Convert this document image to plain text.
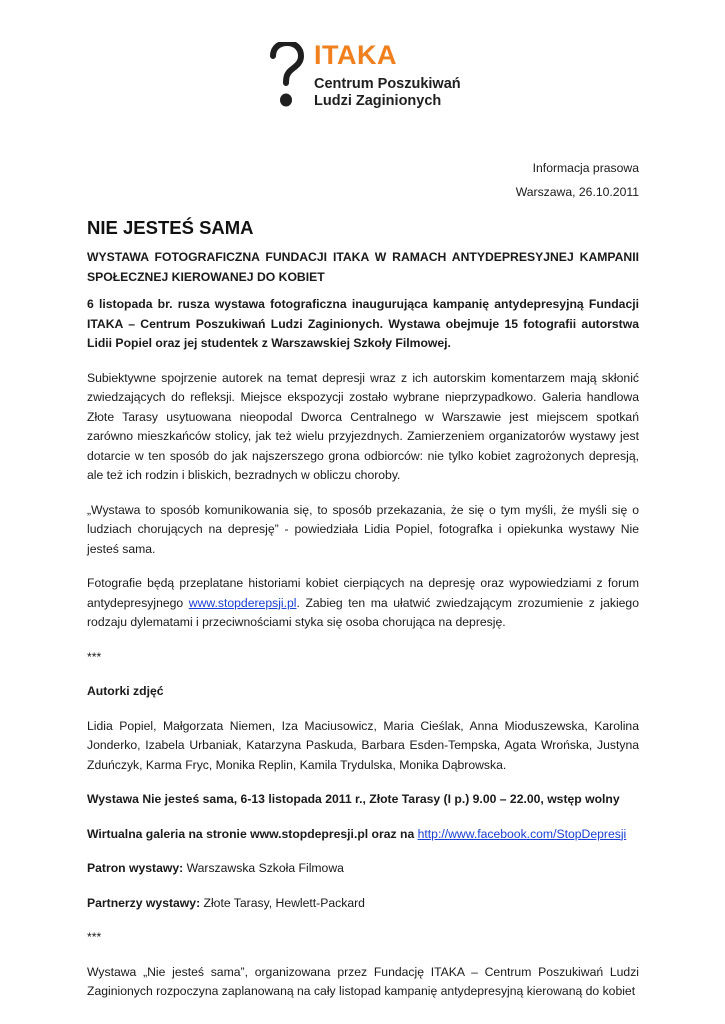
ITAKA
Centrum Poszukiwań
Ludzi Zaginionych

Informacja prasowa

Warszawa, 26.10.2011

NIE JESTEŚ SAMA

WYSTAWA FOTOGRAFICZNA FUNDACJI ITAKA W RAMACH ANTYDEPRESYJNEJ KAMPANII SPOŁECZNEJ KIEROWANEJ DO KOBIET

6 listopada br. rusza wystawa fotograficzna inaugurująca kampanię antydepresyjną Fundacji ITAKA – Centrum Poszukiwań Ludzi Zaginionych. Wystawa obejmuje 15 fotografii autorstwa Lidii Popiel oraz jej studentek z Warszawskiej Szkoły Filmowej.

Subiektywne spojrzenie autorek na temat depresji wraz z ich autorskim komentarzem mają skłonić zwiedzających do refleksji. Miejsce ekspozycji zostało wybrane nieprzypadkowo. Galeria handlowa Złote Tarasy usytuowana nieopodal Dworca Centralnego w Warszawie jest miejscem spotkań zarówno mieszkańców stolicy, jak też wielu przyjezdnych. Zamierzeniem organizatorów wystawy jest dotarcie w ten sposób do jak najszerszego grona odbiorców: nie tylko kobiet zagrożonych depresją, ale też ich rodzin i bliskich, bezradnych w obliczu choroby.

„Wystawa to sposób komunikowania się, to sposób przekazania, że się o tym myśli, że myśli się o ludziach chorujących na depresję” - powiedziała Lidia Popiel, fotografka i opiekunka wystawy Nie jesteś sama.

Fotografie będą przeplatane historiami kobiet cierpiących na depresję oraz wypowiedziami z forum antydepresyjnego www.stopderepsji.pl. Zabieg ten ma ułatwić zwiedzającym zrozumienie z jakiego rodzaju dylematami i przeciwnościami styka się osoba chorująca na depresję.

***

Autorki zdjęć

Lidia Popiel, Małgorzata Niemen, Iza Maciusowicz, Maria Cieślak, Anna Mioduszewska, Karolina Jonderko, Izabela Urbaniak, Katarzyna Paskuda, Barbara Esden-Tempska, Agata Wrońska, Justyna Zduńczyk, Karma Fryc, Monika Replin, Kamila Trydulska, Monika Dąbrowska.

Wystawa Nie jesteś sama, 6-13 listopada 2011 r., Złote Tarasy (I p.) 9.00 – 22.00, wstęp wolny

Wirtualna galeria na stronie www.stopdepresji.pl oraz na http://www.facebook.com/StopDepresji

Patron wystawy: Warszawska Szkoła Filmowa

Partnerzy wystawy: Złote Tarasy, Hewlett-Packard

***

Wystawa „Nie jesteś sama”, organizowana przez Fundację ITAKA – Centrum Poszukiwań Ludzi Zaginionych rozpoczyna zaplanowaną na cały listopad kampanię antydepresyjną kierowaną do kobiet
